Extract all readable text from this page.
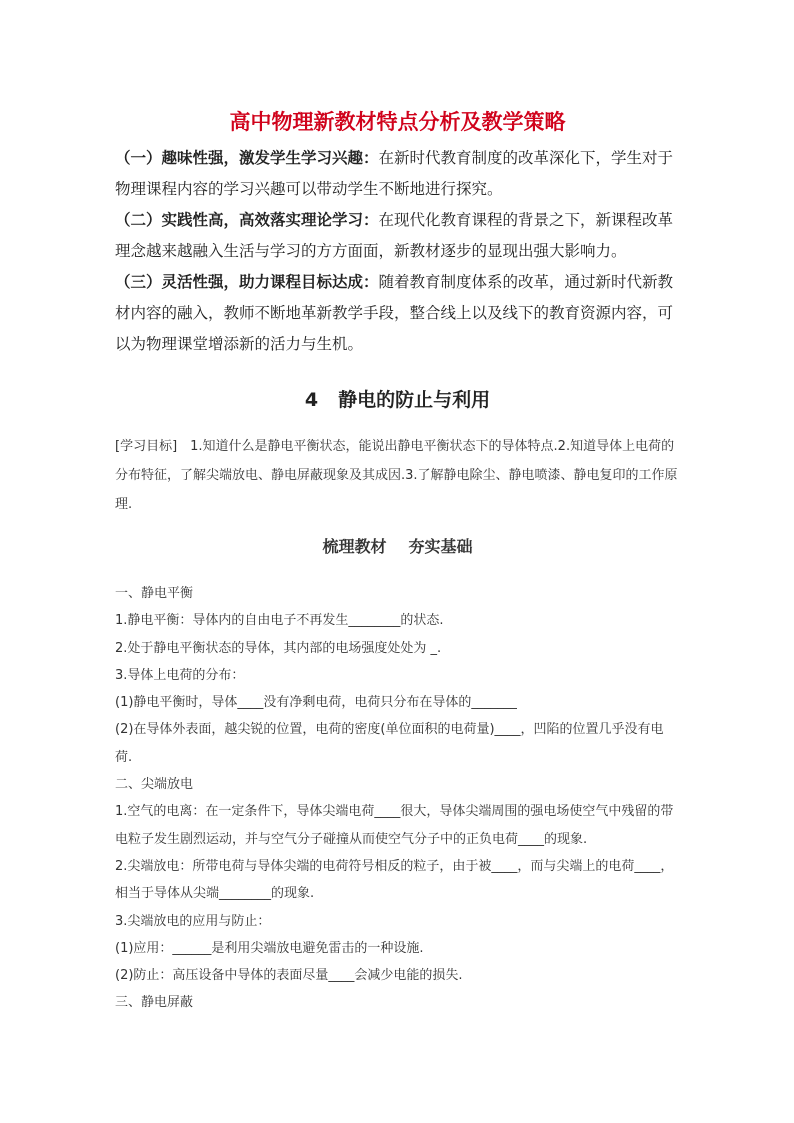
高中物理新教材特点分析及教学策略

（一）趣味性强，激发学生学习兴趣：在新时代教育制度的改革深化下，学生对于物理课程内容的学习兴趣可以带动学生不断地进行探究。

（二）实践性高，高效落实理论学习：在现代化教育课程的背景之下，新课程改革理念越来越融入生活与学习的方方面面，新教材逐步的显现出强大影响力。

（三）灵活性强，助力课程目标达成：随着教育制度体系的改革，通过新时代新教材内容的融入，教师不断地革新教学手段，整合线上以及线下的教育资源内容，可以为物理课堂增添新的活力与生机。

4 静电的防止与利用
[学习目标]　1.知道什么是静电平衡状态，能说出静电平衡状态下的导体特点.2.知道导体上电荷的分布特征，了解尖端放电、静电屏蔽现象及其成因.3.了解静电除尘、静电喷漆、静电复印的工作原理.
梳理教材 夯实基础

一、静电平衡

1.静电平衡：导体内的自由电子不再发生________的状态.

2.处于静电平衡状态的导体，其内部的电场强度处处为 _.

3.导体上电荷的分布：

(1)静电平衡时，导体____没有净剩电荷，电荷只分布在导体的_______

(2)在导体外表面，越尖锐的位置，电荷的密度(单位面积的电荷量)____，凹陷的位置几乎没有电荷.

二、尖端放电

1.空气的电离：在一定条件下，导体尖端电荷____很大，导体尖端周围的强电场使空气中残留的带电粒子发生剧烈运动，并与空气分子碰撞从而使空气分子中的正负电荷____的现象.

2.尖端放电：所带电荷与导体尖端的电荷符号相反的粒子，由于被____，而与尖端上的电荷____，相当于导体从尖端________的现象.

3.尖端放电的应用与防止：

(1)应用：______是利用尖端放电避免雷击的一种设施.

(2)防止：高压设备中导体的表面尽量____会减少电能的损失.

三、静电屏蔽
